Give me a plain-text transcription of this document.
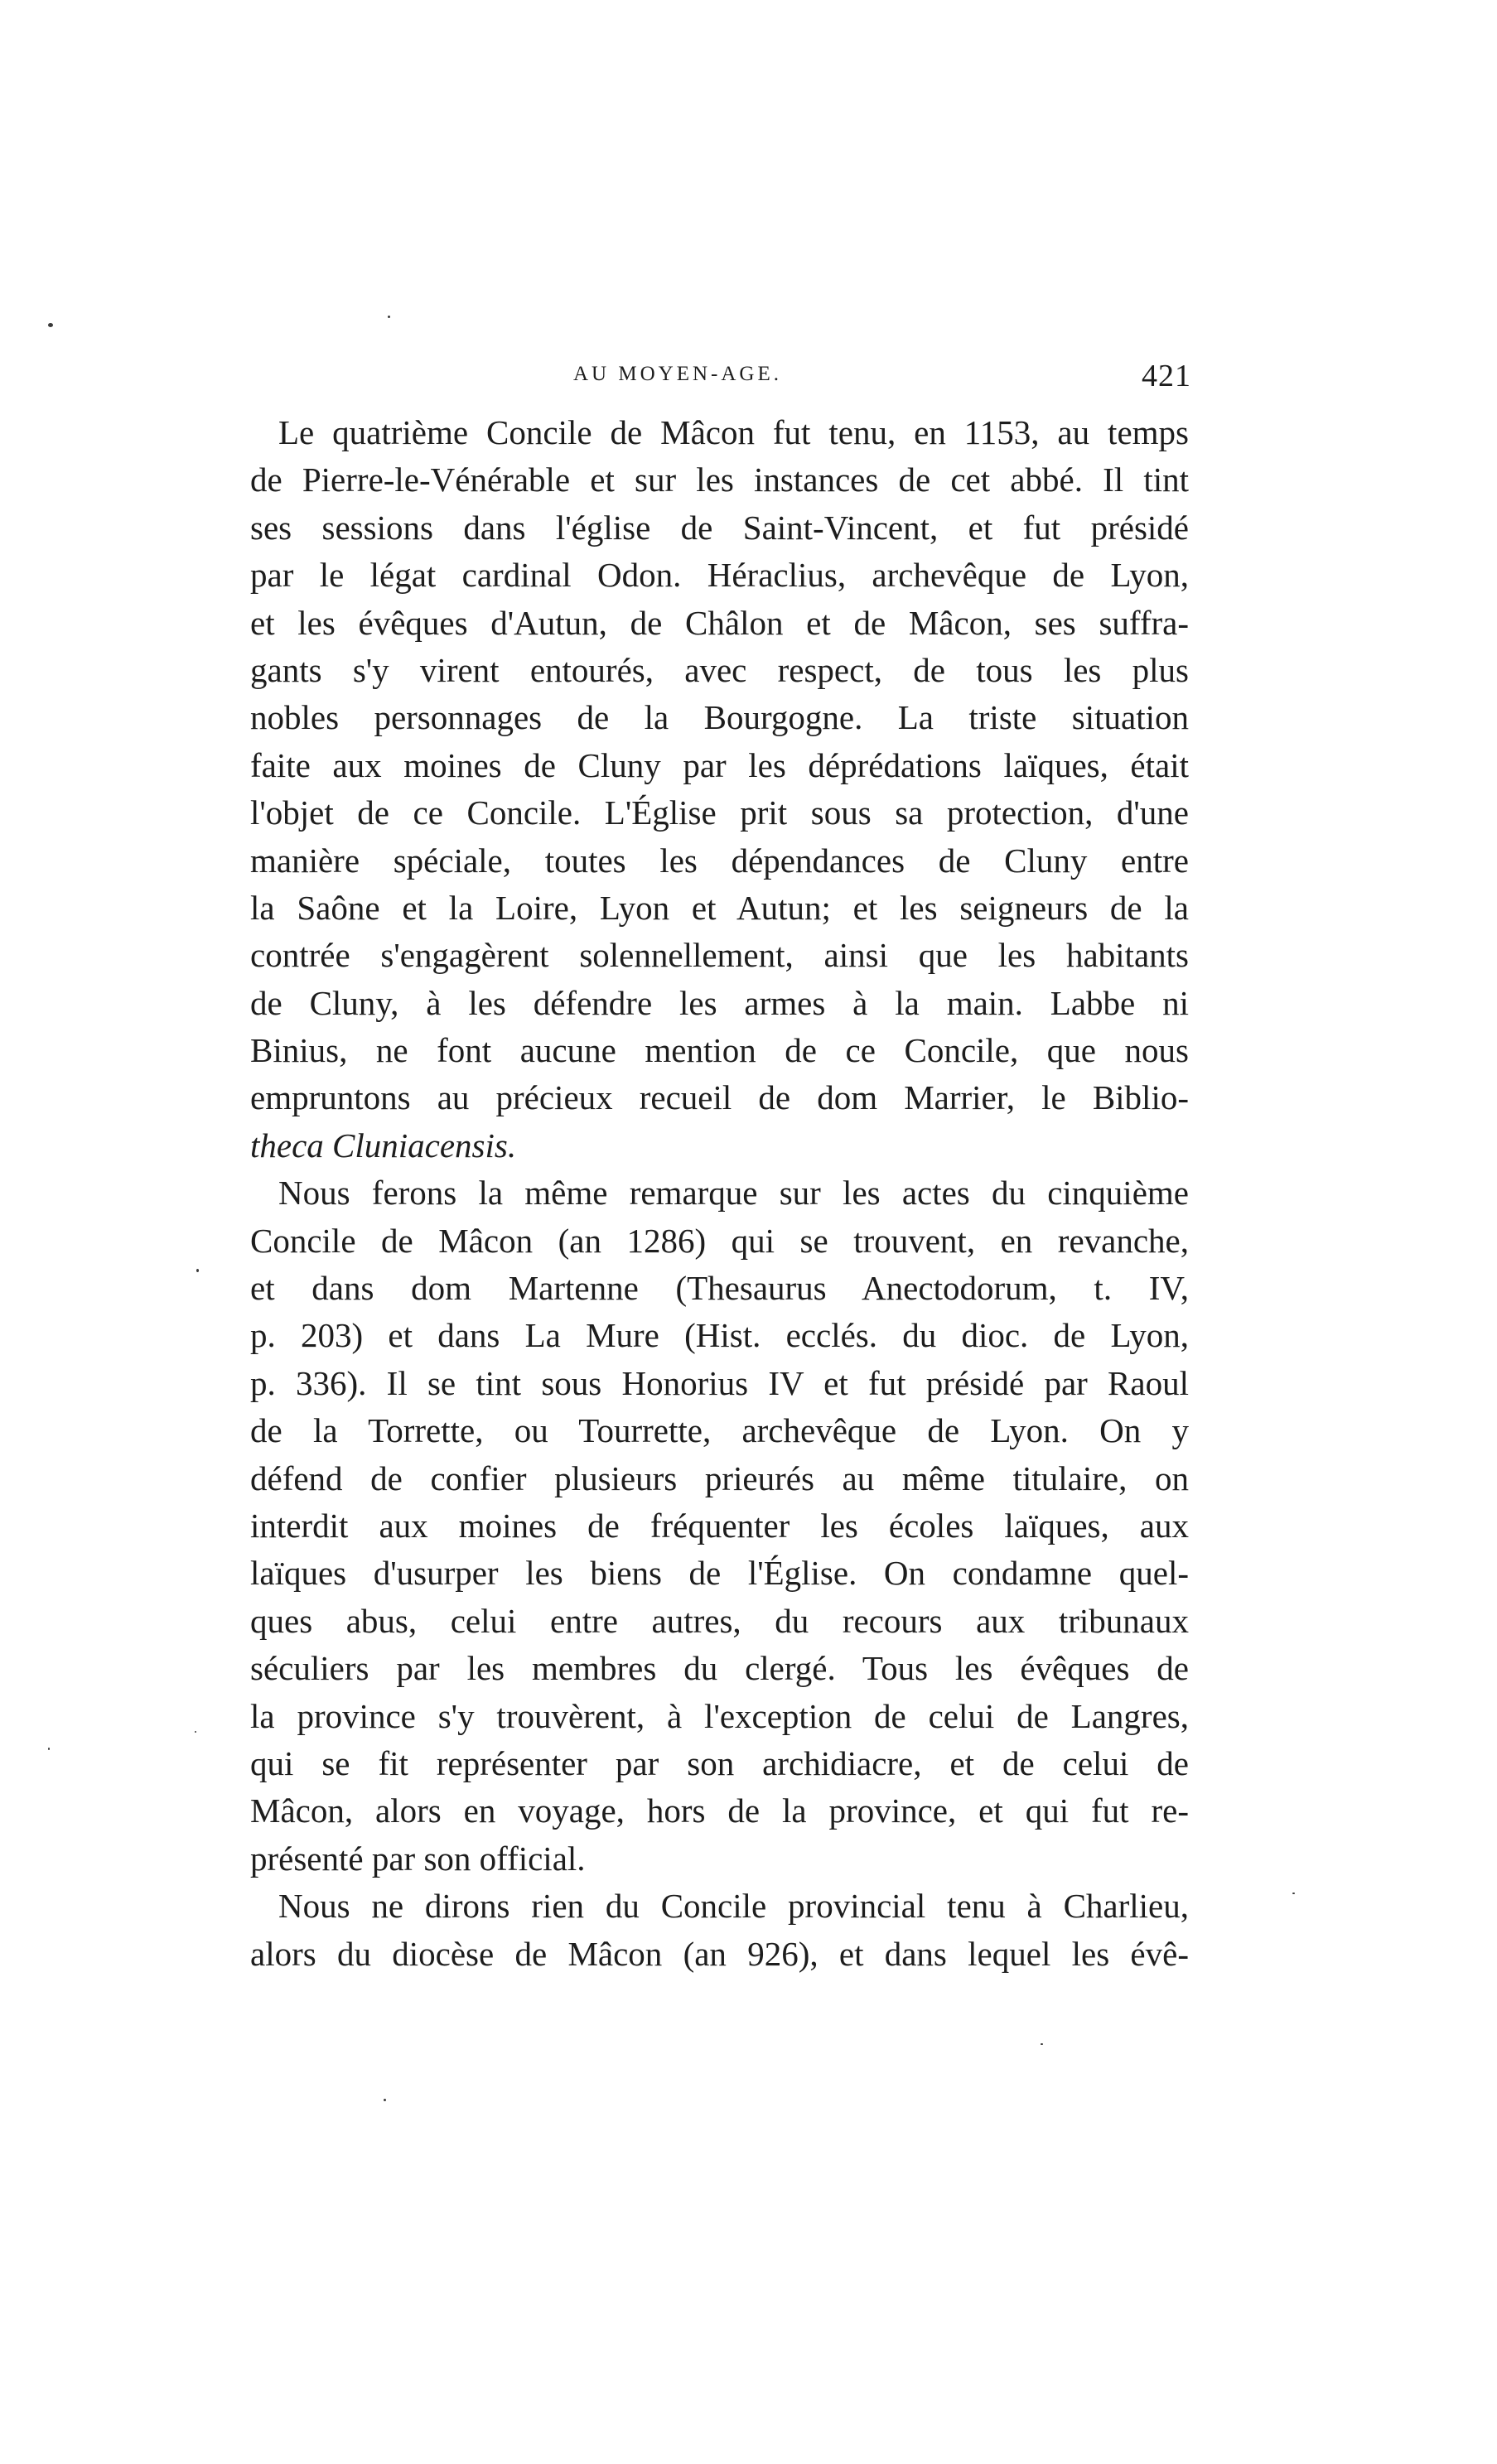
AU MOYEN-AGE.	421

Le quatrième Concile de Mâcon fut tenu, en 1153, au temps
de Pierre-le-Vénérable et sur les instances de cet abbé. Il tint
ses sessions dans l'église de Saint-Vincent, et fut présidé
par le légat cardinal Odon. Héraclius, archevêque de Lyon,
et les évêques d'Autun, de Châlon et de Mâcon, ses suffra-
gants s'y virent entourés, avec respect, de tous les plus
nobles personnages de la Bourgogne. La triste situation
faite aux moines de Cluny par les déprédations laïques, était
l'objet de ce Concile. L'Église prit sous sa protection, d'une
manière spéciale, toutes les dépendances de Cluny entre
la Saône et la Loire, Lyon et Autun; et les seigneurs de la
contrée s'engagèrent solennellement, ainsi que les habitants
de Cluny, à les défendre les armes à la main. Labbe ni
Binius, ne font aucune mention de ce Concile, que nous
empruntons au précieux recueil de dom Marrier, le Biblio-
theca Cluniacensis.

Nous ferons la même remarque sur les actes du cinquième
Concile de Mâcon (an 1286) qui se trouvent, en revanche,
et dans dom Martenne (Thesaurus Anectodorum, t. IV,
p. 203) et dans La Mure (Hist. ecclés. du dioc. de Lyon,
p. 336). Il se tint sous Honorius IV et fut présidé par Raoul
de la Torrette, ou Tourrette, archevêque de Lyon. On y
défend de confier plusieurs prieurés au même titulaire, on
interdit aux moines de fréquenter les écoles laïques, aux
laïques d'usurper les biens de l'Église. On condamne quel-
ques abus, celui entre autres, du recours aux tribunaux
séculiers par les membres du clergé. Tous les évêques de
la province s'y trouvèrent, à l'exception de celui de Langres,
qui se fit représenter par son archidiacre, et de celui de
Mâcon, alors en voyage, hors de la province, et qui fut re-
présenté par son official.

Nous ne dirons rien du Concile provincial tenu à Charlieu,
alors du diocèse de Mâcon (an 926), et dans lequel les évê-
